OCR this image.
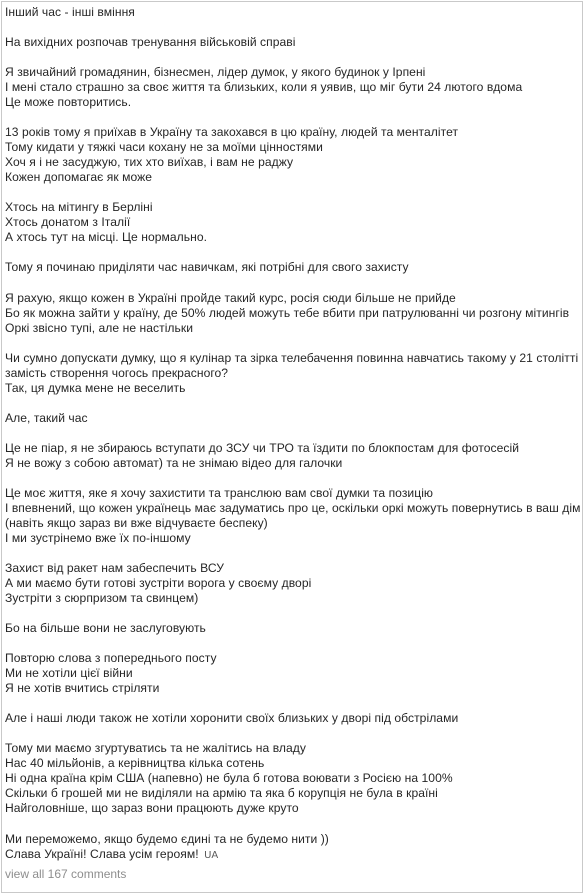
Інший час - інші вміння
На вихідних розпочав тренування військовій справі
Я звичайний громадянин, бізнесмен, лідер думок, у якого будинок у Ірпені
І мені стало страшно за своє життя та близьких, коли я уявив, що міг бути 24 лютого вдома
Це може повторитись.
13 років тому я приїхав в Україну та закохався в цю країну, людей та менталітет
Тому кидати у тяжкі часи кохану не за моїми цінностями
Хоч я і не засуджую, тих хто виїхав, і вам не раджу
Кожен допомагає як може
Хтось на мітингу в Берліні
Хтось донатом з Італії
А хтось тут на місці. Це нормально.
Тому я починаю приділяти час навичкам, які потрібні для свого захисту
Я рахую, якщо кожен в Україні пройде такий курс, росія сюди більше не прийде
Бо як можна зайти у країну, де 50% людей можуть тебе вбити при патрулюванні чи розгону мітингів
Оркі звісно тупі, але не настільки
Чи сумно допускати думку, що я кулінар та зірка телебачення повинна навчатись такому у 21 столітті
замість створення чогось прекрасного?
Так, ця думка мене не веселить
Але, такий час
Це не піар, я не збираюсь вступати до ЗСУ чи ТРО та їздити по блокпостам для фотосесій
Я не вожу з собою автомат) та не знімаю відео для галочки
Це моє життя, яке я хочу захистити та транслюю вам свої думки та позицію
І впевнений, що кожен українець має задуматись про це, оскільки оркі можуть повернутись в ваш дім
(навіть якщо зараз ви вже відчуваєте беспеку)
І ми зустрінемо вже їх по-іншому
Захист від ракет нам забеспечить ВСУ
А ми маємо бути готові зустріти ворога у своєму дворі
Зустріти з сюрпризом та свинцем)
Бо на більше вони не заслуговують
Повторю слова з попереднього посту
Ми не хотіли цієї війни
Я не хотів вчитись стріляти
Але і наші люди також не хотіли хоронити своїх близьких у дворі під обстрілами
Тому ми маємо згуртуватись та не жалітись на владу
Нас 40 мільйонів, а керівництва кілька сотень
Ні одна країна крім США (напевно) не була б готова воювати з Росією на 100%
Скільки б грошей ми не виділяли на армію та яка б корупція не була в країні
Найголовніше, що зараз вони працюють дуже круто
Ми переможемо, якщо будемо єдині та не будемо нити ))
Слава Україні! Слава усім героям! UA
view all 167 comments
